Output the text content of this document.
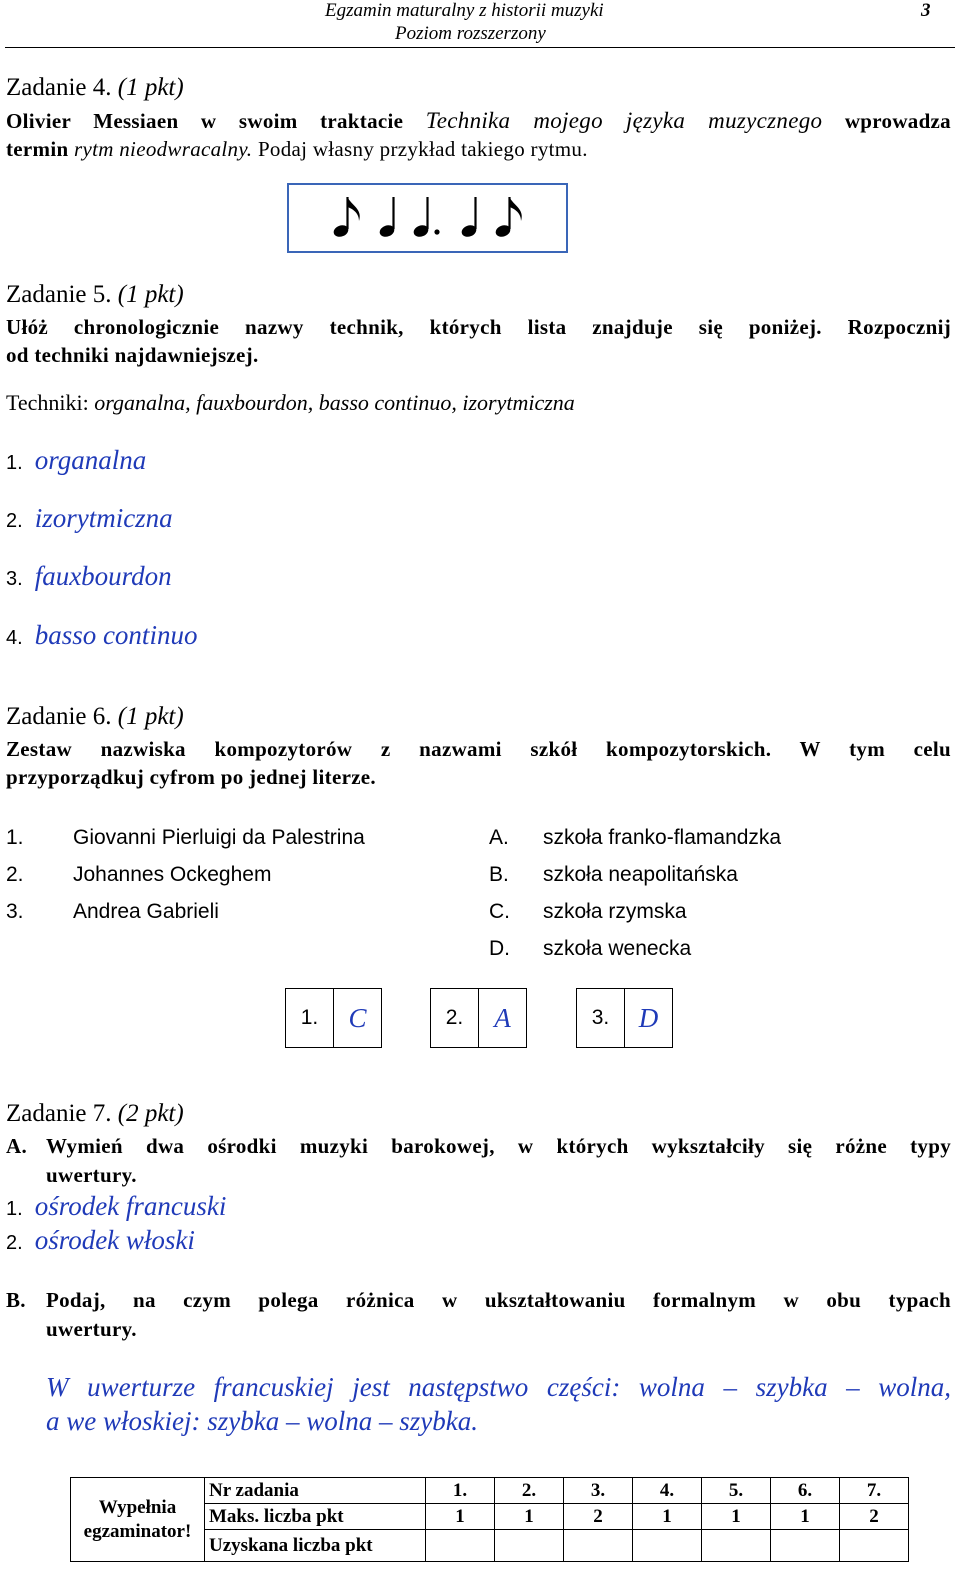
Egzamin maturalny z historii muzyki
Poziom rozszerzony
3
Zadanie 4. (1 pkt)
Olivier Messiaen w swoim traktacie Technika mojego języka muzycznego wprowadza
termin rytm nieodwracalny. Podaj własny przykład takiego rytmu.
Zadanie 5. (1 pkt)
Ułóż chronologicznie nazwy technik, których lista znajduje się poniżej. Rozpocznij
od techniki najdawniejszej.
Techniki: organalna, fauxbourdon, basso continuo, izorytmiczna
1. organalna
2. izorytmiczna
3. fauxbourdon
4. basso continuo
Zadanie 6. (1 pkt)
Zestaw nazwiska kompozytorów z nazwami szkół kompozytorskich. W tym celu
przyporządkuj cyfrom po jednej literze.
1. Giovanni Pierluigi da Palestrina
2. Johannes Ockeghem
3. Andrea Gabrieli
A. szkoła franko-flamandzka
B. szkoła neapolitańska
C. szkoła rzymska
D. szkoła wenecka
1.	C	2.	A	3.	D
Zadanie 7. (2 pkt)
A. Wymień dwa ośrodki muzyki barokowej, w których wykształciły się różne typy
uwertury.
1. ośrodek francuski
2. ośrodek włoski
B. Podaj, na czym polega różnica w ukształtowaniu formalnym w obu typach
uwertury.
W uwerturze francuskiej jest następstwo części: wolna – szybka – wolna,
a we włoskiej: szybka – wolna – szybka.
Wypełnia egzaminator!	Nr zadania	1.	2.	3.	4.	5.	6.	7.
	Maks. liczba pkt	1	1	2	1	1	1	2
	Uzyskana liczba pkt							
